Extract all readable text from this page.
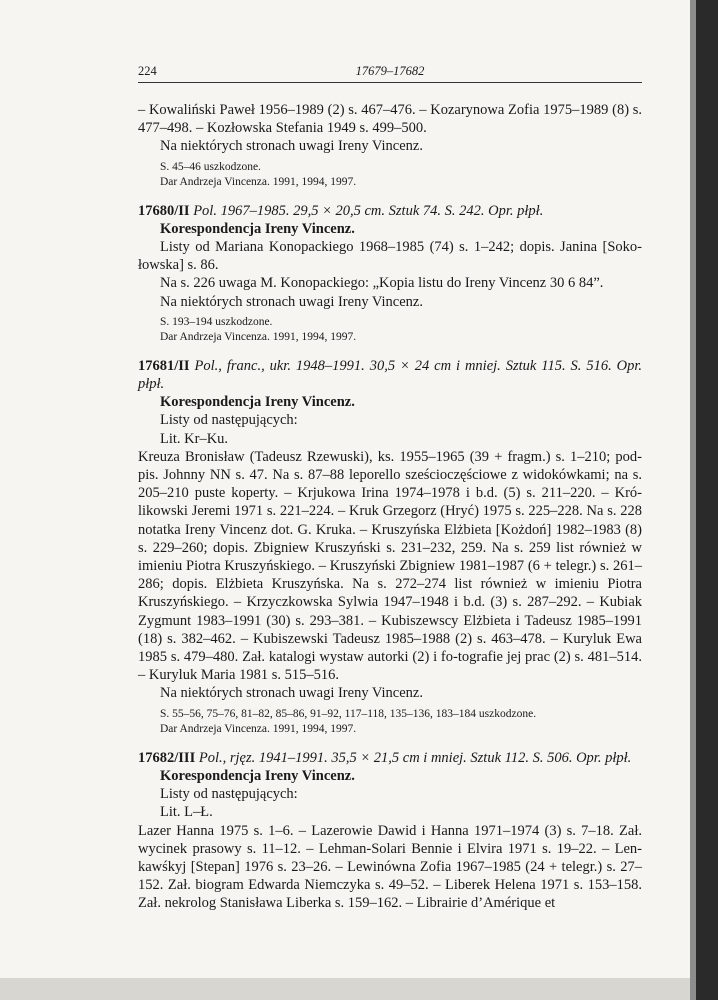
224	17679–17682

– Kowaliński Paweł 1956–1989 (2) s. 467–476. – Kozarynowa Zofia 1975–1989 (8) s. 477–498. – Kozłowska Stefania 1949 s. 499–500.

Na niektórych stronach uwagi Ireny Vincenz.

S. 45–46 uszkodzone.

Dar Andrzeja Vincenza. 1991, 1994, 1997.

17680/II Pol. 1967–1985. 29,5 × 20,5 cm. Sztuk 74. S. 242. Opr. płpł.

Korespondencja Ireny Vincenz.

Listy od Mariana Konopackiego 1968–1985 (74) s. 1–242; dopis. Janina [Soko-łowska] s. 86.

Na s. 226 uwaga M. Konopackiego: „Kopia listu do Ireny Vincenz 30 6 84”.

Na niektórych stronach uwagi Ireny Vincenz.

S. 193–194 uszkodzone.

Dar Andrzeja Vincenza. 1991, 1994, 1997.

17681/II Pol., franc., ukr. 1948–1991. 30,5 × 24 cm i mniej. Sztuk 115. S. 516. Opr. płpł.

Korespondencja Ireny Vincenz.

Listy od następujących:

Lit. Kr–Ku.

Kreuza Bronisław (Tadeusz Rzewuski), ks. 1955–1965 (39 + fragm.) s. 1–210; pod-pis. Johnny NN s. 47. Na s. 87–88 leporello sześcioczęściowe z widokówkami; na s. 205–210 puste koperty. – Krjukowa Irina 1974–1978 i b.d. (5) s. 211–220. – Kró-likowski Jeremi 1971 s. 221–224. – Kruk Grzegorz (Hryć) 1975 s. 225–228. Na s. 228 notatka Ireny Vincenz dot. G. Kruka. – Kruszyńska Elżbieta [Kożdoń] 1982–1983 (8) s. 229–260; dopis. Zbigniew Kruszyński s. 231–232, 259. Na s. 259 list również w imieniu Piotra Kruszyńskiego. – Kruszyński Zbigniew 1981–1987 (6 + telegr.) s. 261–286; dopis. Elżbieta Kruszyńska. Na s. 272–274 list również w imieniu Piotra Kruszyńskiego. – Krzyczkowska Sylwia 1947–1948 i b.d. (3) s. 287–292. – Kubiak Zygmunt 1983–1991 (30) s. 293–381. – Kubiszewscy Elżbieta i Tadeusz 1985–1991 (18) s. 382–462. – Kubiszewski Tadeusz 1985–1988 (2) s. 463–478. – Kuryluk Ewa 1985 s. 479–480. Zał. katalogi wystaw autorki (2) i fo-tografie jej prac (2) s. 481–514. – Kuryluk Maria 1981 s. 515–516.

Na niektórych stronach uwagi Ireny Vincenz.

S. 55–56, 75–76, 81–82, 85–86, 91–92, 117–118, 135–136, 183–184 uszkodzone.

Dar Andrzeja Vincenza. 1991, 1994, 1997.

17682/III Pol., rjęz. 1941–1991. 35,5 × 21,5 cm i mniej. Sztuk 112. S. 506. Opr. płpł.

Korespondencja Ireny Vincenz.

Listy od następujących:

Lit. L–Ł.

Lazer Hanna 1975 s. 1–6. – Lazerowie Dawid i Hanna 1971–1974 (3) s. 7–18. Zał. wycinek prasowy s. 11–12. – Lehman-Solari Bennie i Elvira 1971 s. 19–22. – Len-kawśkyj [Stepan] 1976 s. 23–26. – Lewinówna Zofia 1967–1985 (24 + telegr.) s. 27–152. Zał. biogram Edwarda Niemczyka s. 49–52. – Liberek Helena 1971 s. 153–158. Zał. nekrolog Stanisława Liberka s. 159–162. – Librairie d’Amérique et
